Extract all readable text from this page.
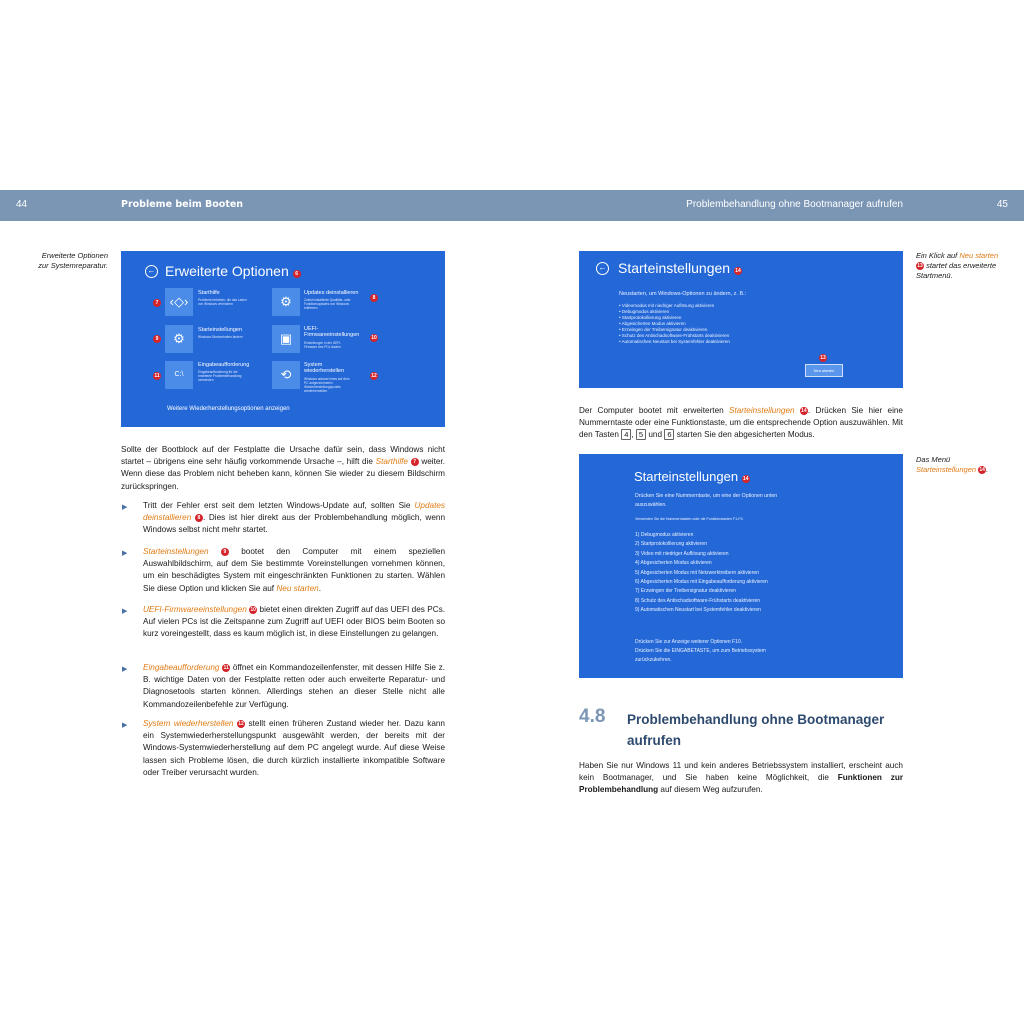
44	Probleme beim Booten	Problembehandlung ohne Bootmanager aufrufen	45
Erweiterte Optionen
zur Systemreparatur.
← Erweiterte Optionen 6
‹◇›
Starthilfe
Probleme beheben, die das Laden von Windows verhindern
7	⚙
Updates deinstallieren
Zuletzt installierte Qualitäts- oder Funktionsupdates von Windows entfernen
8
⚙
Starteinstellungen
Windows-Startverhalten ändern
9	▣
UEFI-Firmwareeinstellungen
Einstellungen in der UEFI-Firmware des PCs ändern
10
C:\
Eingabeaufforderung
Eingabeaufforderung für die erweiterte Problembehandlung verwenden
11	⟲
System wiederherstellen
Windows anhand eines auf dem PC aufgezeichneten Wiederherstellungspunkts wiederherstellen
12
Weitere Wiederherstellungsoptionen anzeigen
Sollte der Bootblock auf der Festplatte die Ursache dafür sein, dass Windows nicht startet – übrigens eine sehr häufig vorkommende Ursache –, hilft die Starthilfe 7 weiter. Wenn diese das Problem nicht beheben kann, können Sie wieder zu diesem Bildschirm zurückspringen.
▶ Tritt der Fehler erst seit dem letzten Windows-Update auf, sollten Sie Updates deinstallieren 8 . Dies ist hier direkt aus der Problembehandlung möglich, wenn Windows selbst nicht mehr startet.
▶ Starteinstellungen	9 bootet den Computer mit einem speziellen Auswahlbildschirm, auf dem Sie bestimmte Voreinstellungen vornehmen können, um ein beschädigtes System mit eingeschränkten Funktionen zu starten. Wählen Sie diese Option und klicken Sie auf Neu starten.
▶ UEFI-Firmwareeinstellungen 10 bietet einen direkten Zugriff auf das UEFI des PCs. Auf vielen PCs ist die Zeitspanne zum Zugriff auf UEFI oder BIOS beim Booten so kurz voreingestellt, dass es kaum möglich ist, in diese Einstellungen zu gelangen.
▶ Eingabeaufforderung 11 öffnet ein Kommandozeilenfenster, mit dessen Hilfe Sie z. B. wichtige Daten von der Festplatte retten oder auch erweiterte Reparatur- und Diagnosetools starten können. Allerdings stehen an dieser Stelle nicht alle Kommandozeilenbefehle zur Verfügung.
▶ System wiederherstellen 12 stellt einen früheren Zustand wieder her. Dazu kann ein Systemwiederherstellungspunkt ausgewählt werden, der bereits mit der Windows-Systemwiederherstellung auf dem PC angelegt wurde. Auf diese Weise lassen sich Probleme lösen, die durch kürzlich installierte inkompatible Software oder Treiber verursacht wurden.
← Starteinstellungen 14
Neustarten, um Windows-Optionen zu ändern, z. B.:
• Videomodus mit niedriger Auflösung aktivieren
• Debugmodus aktivieren
• Startprotokollierung aktivieren
• Abgesicherten Modus aktivieren
• Erzwingen der Treibersignatur deaktivieren
• Schutz des Antischadsoftware-Frühstarts deaktivieren
• Automatischen Neustart bei Systemfehler deaktivieren
13
Neu starten
Ein Klick auf Neu starten 13 startet das erweiterte Startmenü.
Der Computer bootet mit erweiterten Starteinstellungen 14. Drücken Sie hier eine Nummerntaste oder eine Funktionstaste, um die entsprechende Option auszuwählen. Mit den Tasten 4 , 5 und 6 starten Sie den abgesicherten Modus.
Das Menü Starteinstellungen 14.
Starteinstellungen 14
Drücken Sie eine Nummerntaste, um eine der Optionen unten
auszuwählen.
Verwenden Sie die Nummerntasten oder die Funktionstasten F1-F9.
1) Debugmodus aktivieren
2) Startprotokollierung aktivieren
3) Video mit niedriger Auflösung aktivieren
4) Abgesicherten Modus aktivieren
5) Abgesicherten Modus mit Netzwerktreibern aktivieren
6) Abgesicherten Modus mit Eingabeaufforderung aktivieren
7) Erzwingen der Treibersignatur deaktivieren
8) Schutz des Antischadsoftware-Frühstarts deaktivieren
9) Automatischen Neustart bei Systemfehler deaktivieren
Drücken Sie zur Anzeige weiterer Optionen F10.
Drücken Sie die EINGABETASTE, um zum Betriebssystem
zurückzukehren.
4.8 Problembehandlung ohne Bootmanager
aufrufen
Haben Sie nur Windows 11 und kein anderes Betriebssystem installiert, erscheint auch kein Bootmanager, und Sie haben keine Möglichkeit, die Funktionen zur Problembehandlung auf diesem Weg aufzurufen.
